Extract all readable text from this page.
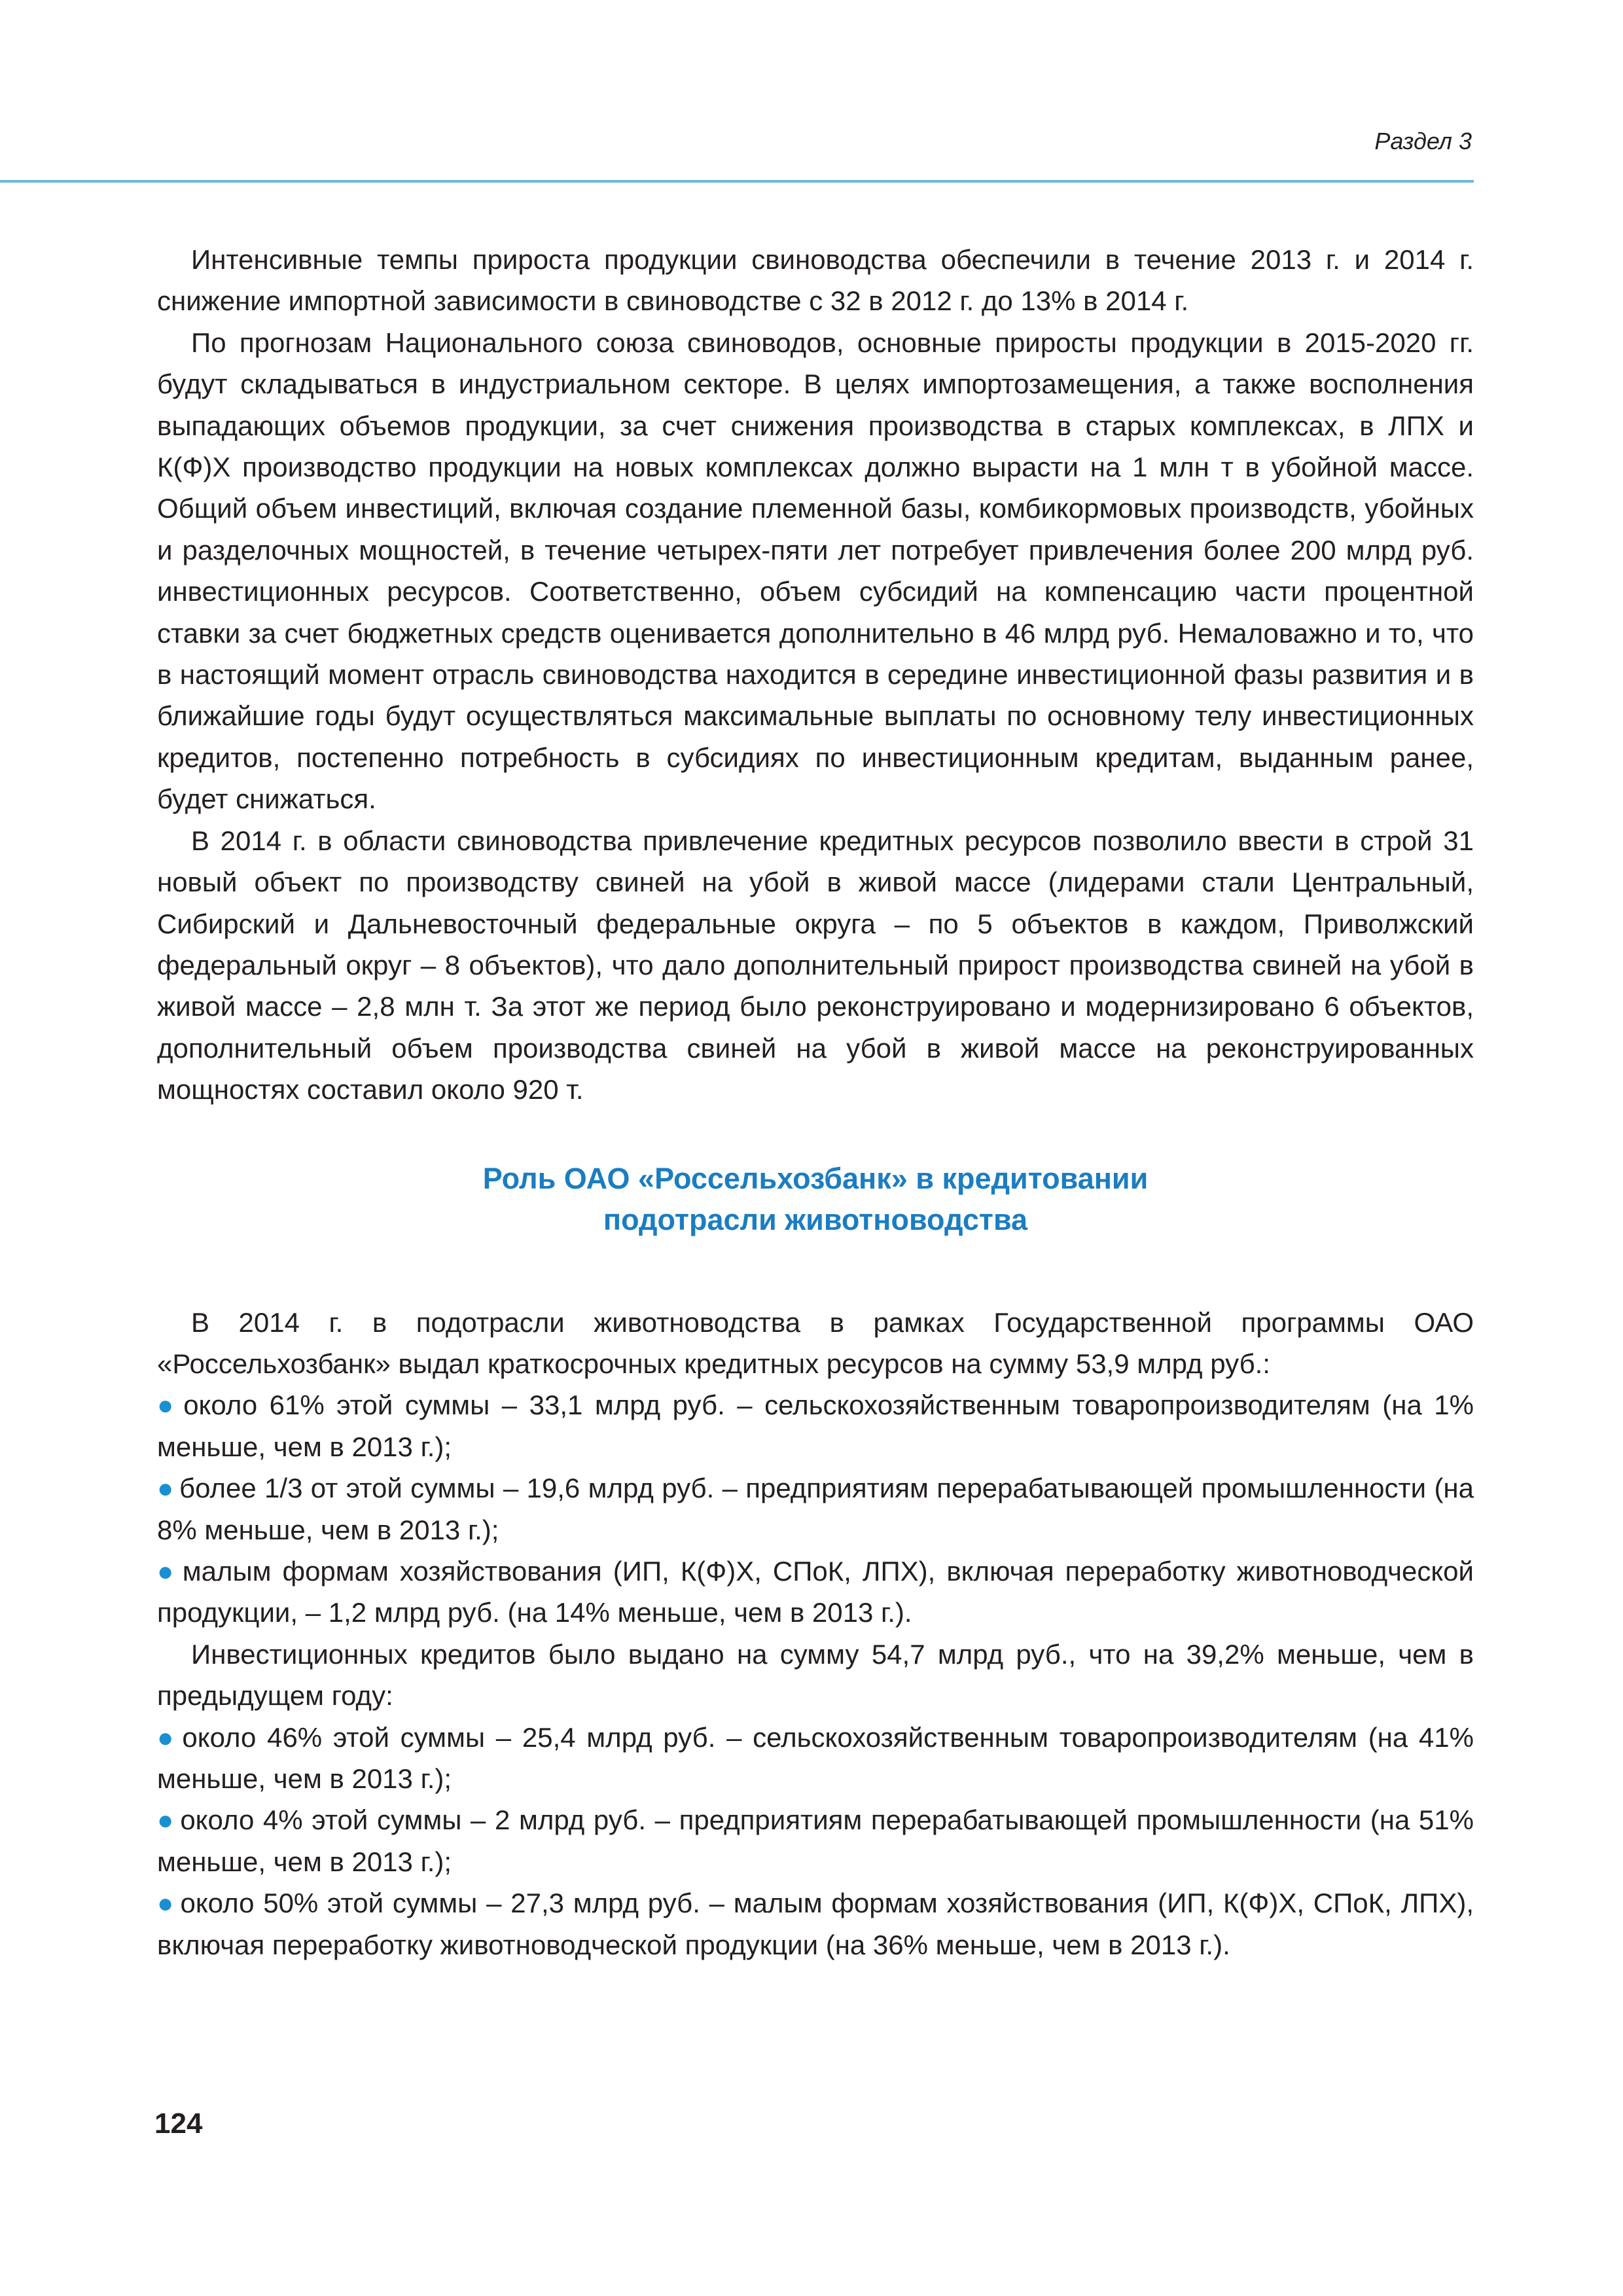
Раздел 3

Интенсивные темпы прироста продукции свиноводства обеспечили в течение 2013 г. и 2014 г. снижение импортной зависимости в свиноводстве с 32 в 2012 г. до 13% в 2014 г.

По прогнозам Национального союза свиноводов, основные приросты продукции в 2015-2020 гг. будут складываться в индустриальном секторе. В целях импортозамещения, а также восполнения выпадающих объемов продукции, за счет снижения производства в старых комплексах, в ЛПХ и К(Ф)Х производство продукции на новых комплексах должно вырасти на 1 млн т в убойной массе. Общий объем инвестиций, включая создание племенной базы, комбикормовых производств, убойных и разделочных мощностей, в течение четырех-пяти лет потребует привлечения более 200 млрд руб. инвестиционных ресурсов. Соответственно, объем субсидий на компенсацию части процентной ставки за счет бюджетных средств оценивается дополнительно в 46 млрд руб. Немаловажно и то, что в настоящий момент отрасль свиноводства находится в середине инвестиционной фазы развития и в ближайшие годы будут осуществляться максимальные выплаты по основному телу инвестиционных кредитов, постепенно потребность в субсидиях по инвестиционным кредитам, выданным ранее, будет снижаться.

В 2014 г. в области свиноводства привлечение кредитных ресурсов позволило ввести в строй 31 новый объект по производству свиней на убой в живой массе (лидерами стали Центральный, Сибирский и Дальневосточный федеральные округа – по 5 объектов в каждом, Приволжский федеральный округ – 8 объектов), что дало дополнительный прирост производства свиней на убой в живой массе – 2,8 млн т. За этот же период было реконструировано и модернизировано 6 объектов, дополнительный объем производства свиней на убой в живой массе на реконструированных мощностях составил около 920 т.

Роль ОАО «Россельхозбанк» в кредитовании
подотрасли животноводства

В 2014 г. в подотрасли животноводства в рамках Государственной программы ОАО «Россельхозбанк» выдал краткосрочных кредитных ресурсов на сумму 53,9 млрд руб.:

● около 61% этой суммы – 33,1 млрд руб. – сельскохозяйственным товаропроизводителям (на 1% меньше, чем в 2013 г.);

● более 1/3 от этой суммы – 19,6 млрд руб. – предприятиям перерабатывающей промышленности (на 8% меньше, чем в 2013 г.);

● малым формам хозяйствования (ИП, К(Ф)Х, СПоК, ЛПХ), включая переработку животноводческой продукции, – 1,2 млрд руб. (на 14% меньше, чем в 2013 г.).

Инвестиционных кредитов было выдано на сумму 54,7 млрд руб., что на 39,2% меньше, чем в предыдущем году:

● около 46% этой суммы – 25,4 млрд руб. – сельскохозяйственным товаропроизводителям (на 41% меньше, чем в 2013 г.);

● около 4% этой суммы – 2 млрд руб. – предприятиям перерабатывающей промышленности (на 51% меньше, чем в 2013 г.);

● около 50% этой суммы – 27,3 млрд руб. – малым формам хозяйствования (ИП, К(Ф)Х, СПоК, ЛПХ), включая переработку животноводческой продукции (на 36% меньше, чем в 2013 г.).

124
